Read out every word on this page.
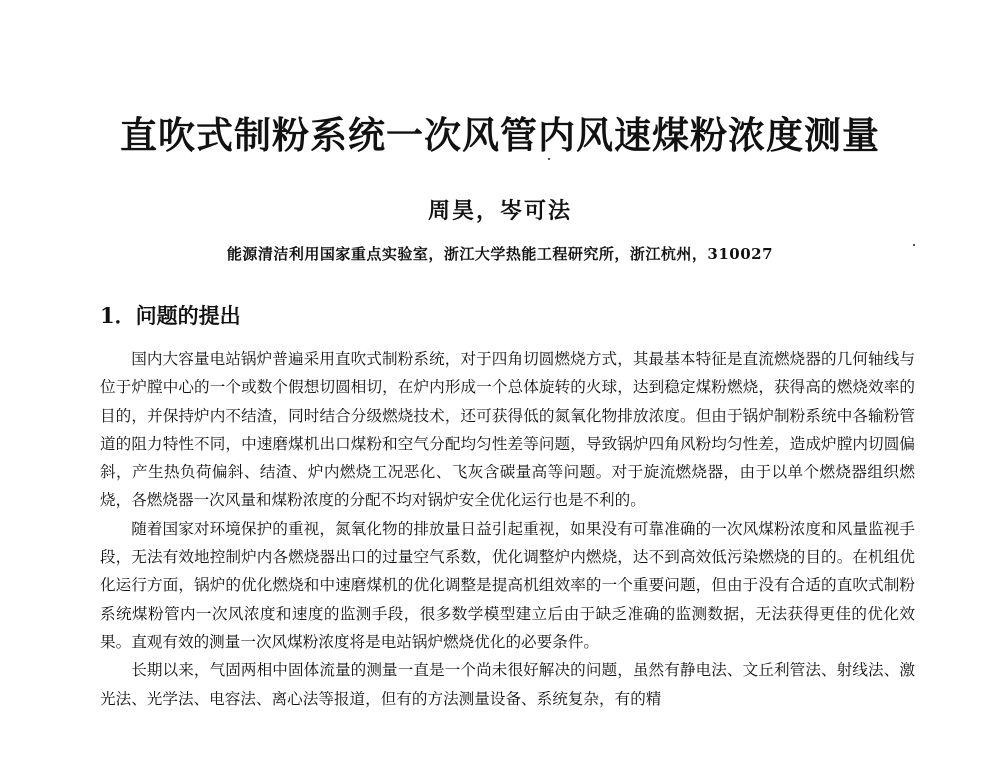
直吹式制粉系统一次风管内风速煤粉浓度测量
周昊，岑可法
能源清洁利用国家重点实验室，浙江大学热能工程研究所，浙江杭州，310027
1．问题的提出

国内大容量电站锅炉普遍采用直吹式制粉系统，对于四角切圆燃烧方式，其最基本特征是直流燃烧器的几何轴线与位于炉膛中心的一个或数个假想切圆相切，在炉内形成一个总体旋转的火球，达到稳定煤粉燃烧，获得高的燃烧效率的目的，并保持炉内不结渣，同时结合分级燃烧技术，还可获得低的氮氧化物排放浓度。但由于锅炉制粉系统中各输粉管道的阻力特性不同，中速磨煤机出口煤粉和空气分配均匀性差等问题，导致锅炉四角风粉均匀性差，造成炉膛内切圆偏斜，产生热负荷偏斜、结渣、炉内燃烧工况恶化、飞灰含碳量高等问题。对于旋流燃烧器，由于以单个燃烧器组织燃烧，各燃烧器一次风量和煤粉浓度的分配不均对锅炉安全优化运行也是不利的。

随着国家对环境保护的重视，氮氧化物的排放量日益引起重视，如果没有可靠准确的一次风煤粉浓度和风量监视手段，无法有效地控制炉内各燃烧器出口的过量空气系数，优化调整炉内燃烧，达不到高效低污染燃烧的目的。在机组优化运行方面，锅炉的优化燃烧和中速磨煤机的优化调整是提高机组效率的一个重要问题，但由于没有合适的直吹式制粉系统煤粉管内一次风浓度和速度的监测手段，很多数学模型建立后由于缺乏准确的监测数据，无法获得更佳的优化效果。直观有效的测量一次风煤粉浓度将是电站锅炉燃烧优化的必要条件。

长期以来，气固两相中固体流量的测量一直是一个尚未很好解决的问题，虽然有静电法、文丘利管法、射线法、激光法、光学法、电容法、离心法等报道，但有的方法测量设备、系统复杂，有的精
